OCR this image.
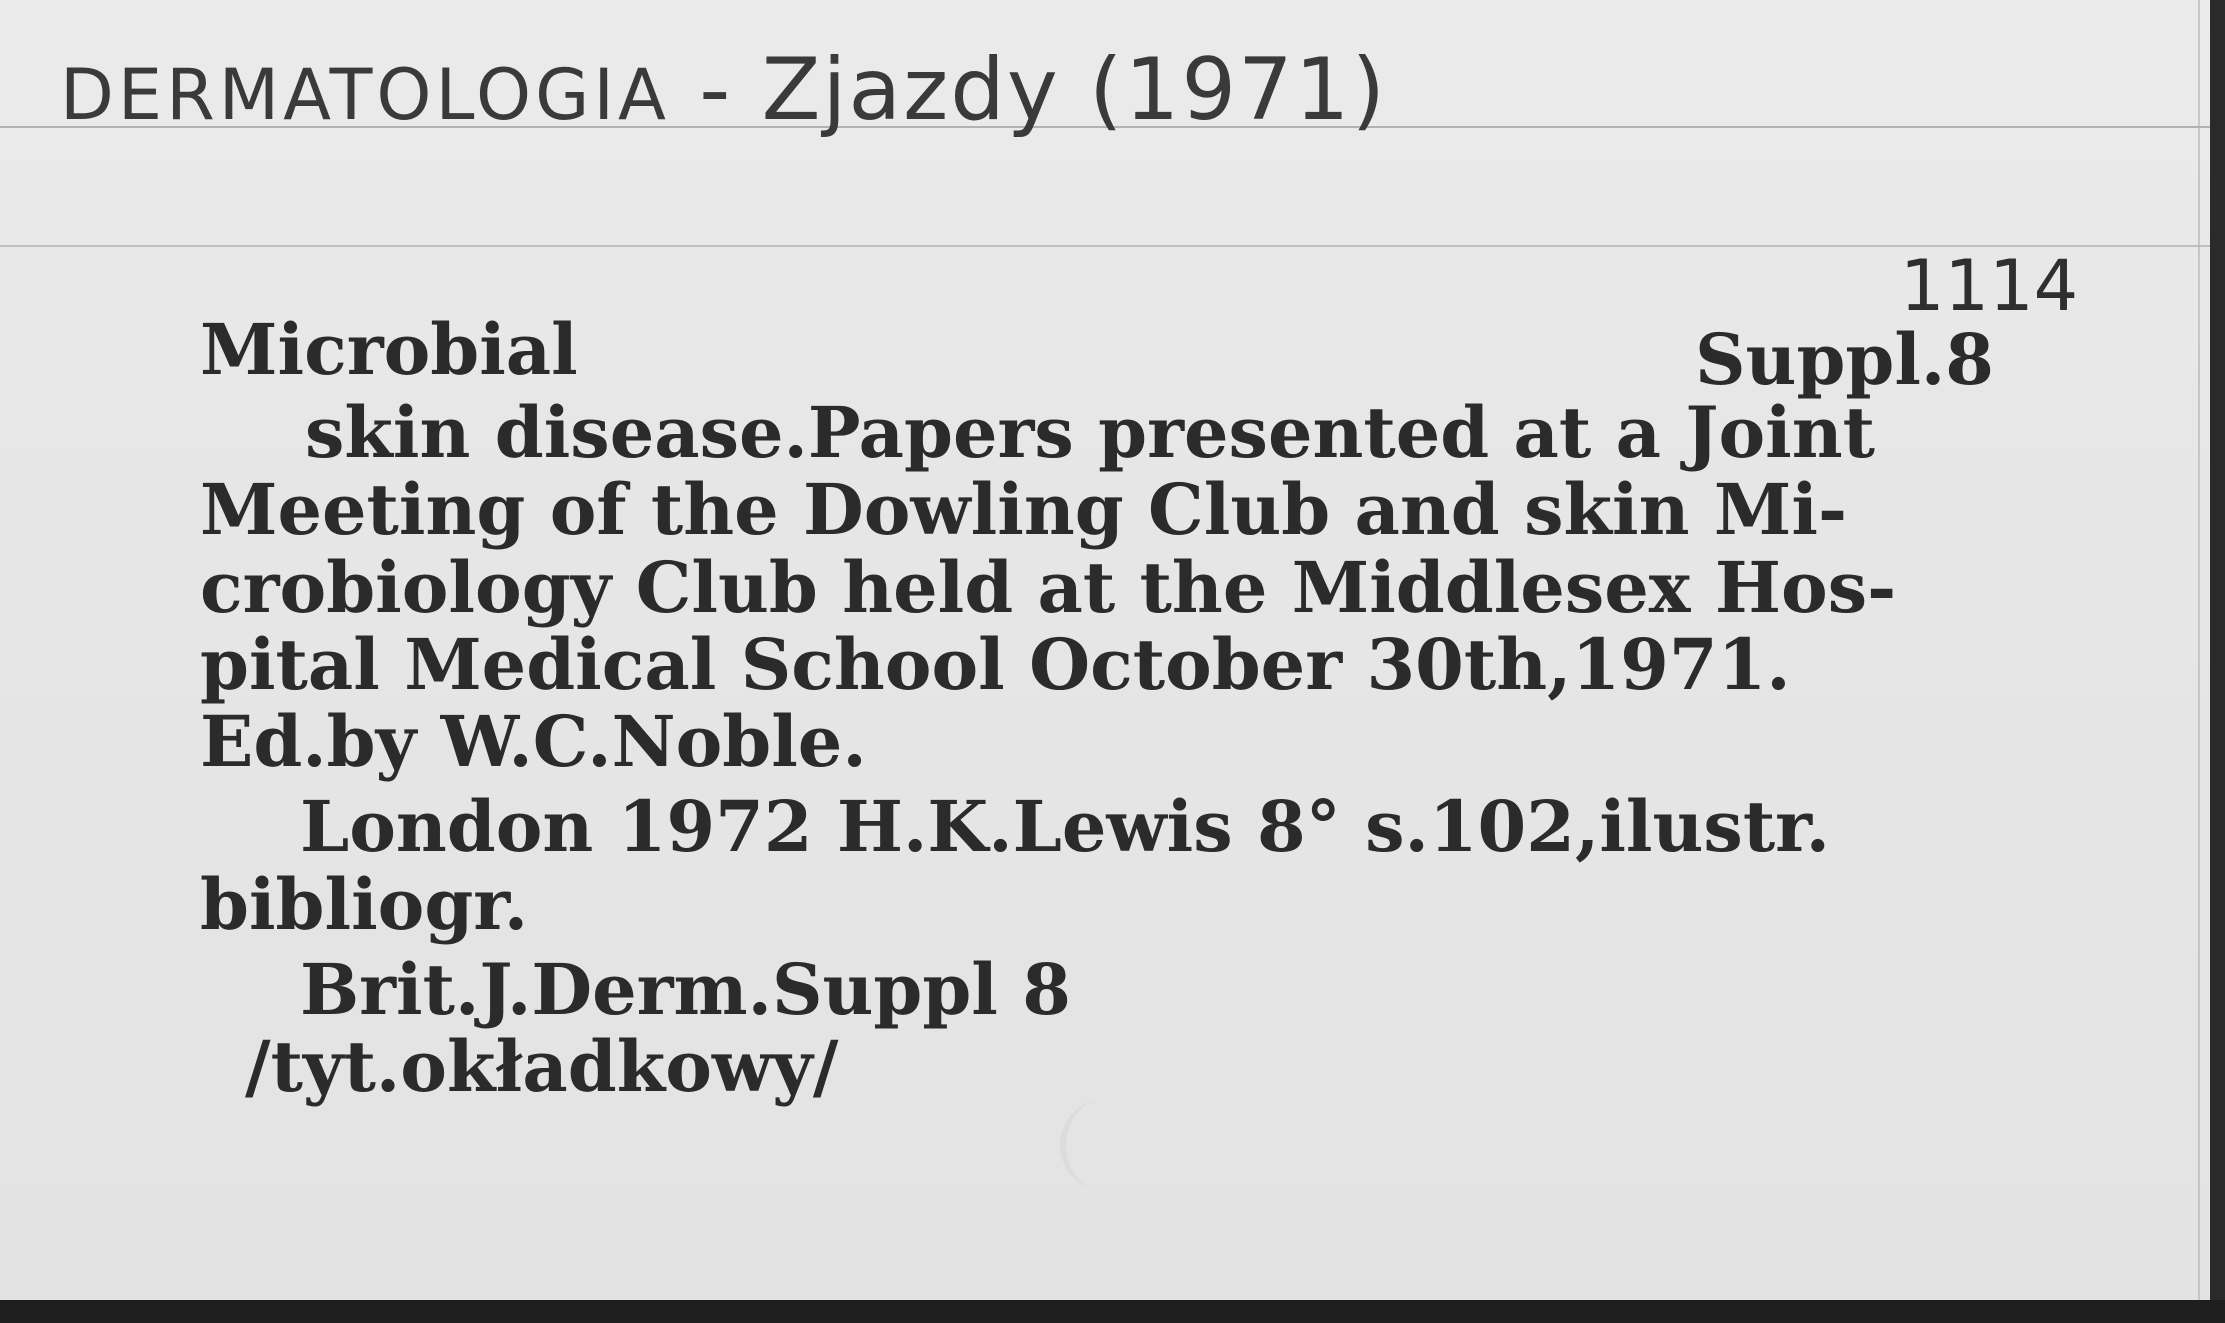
DERMATOLOGIA - Zjazdy (1971)
1114
Microbial	Suppl.8
skin disease.Papers presented at a Joint
Meeting of the Dowling Club and skin Mi-
crobiology Club held at the Middlesex Hos-
pital Medical School October 30th,1971.
Ed.by W.C.Noble.
London 1972 H.K.Lewis 8° s.102,ilustr.
bibliogr.
Brit.J.Derm.Suppl 8
/tyt.okładkowy/
